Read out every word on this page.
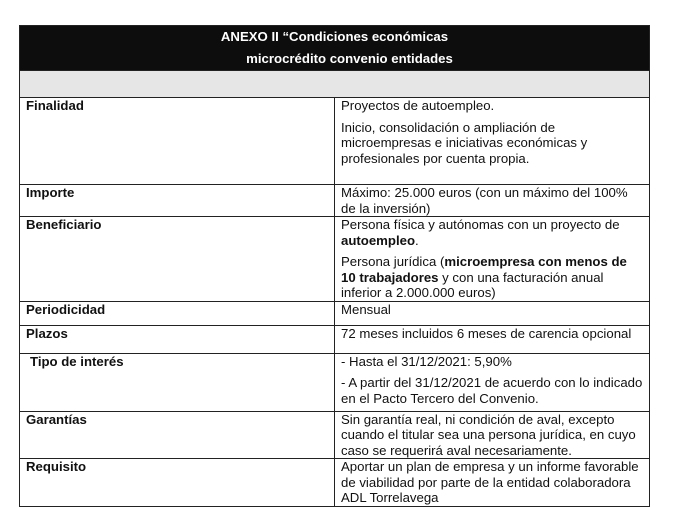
ANEXO II “Condiciones económicas
microcrédito convenio entidades	

Finalidad	Proyectos de autoempleo.

Inicio, consolidación o ampliación de microempresas e iniciativas económicas y profesionales por cuenta propia.

Importe	Máximo: 25.000 euros (con un máximo del 100% de la inversión)

Beneficiario	Persona física y autónomas con un proyecto de autoempleo.

Persona jurídica (microempresa con menos de 10 trabajadores y con una facturación anual inferior a 2.000.000 euros)

Periodicidad	Mensual

Plazos	72 meses incluidos 6 meses de carencia opcional

Tipo de interés	- Hasta el 31/12/2021: 5,90%

- A partir del 31/12/2021 de acuerdo con lo indicado en el Pacto Tercero del Convenio.

Garantías	Sin garantía real, ni condición de aval, excepto cuando el titular sea una persona jurídica, en cuyo caso se requerirá aval necesariamente.

Requisito	Aportar un plan de empresa y un informe favorable de viabilidad por parte de la entidad colaboradora ADL Torrelavega
